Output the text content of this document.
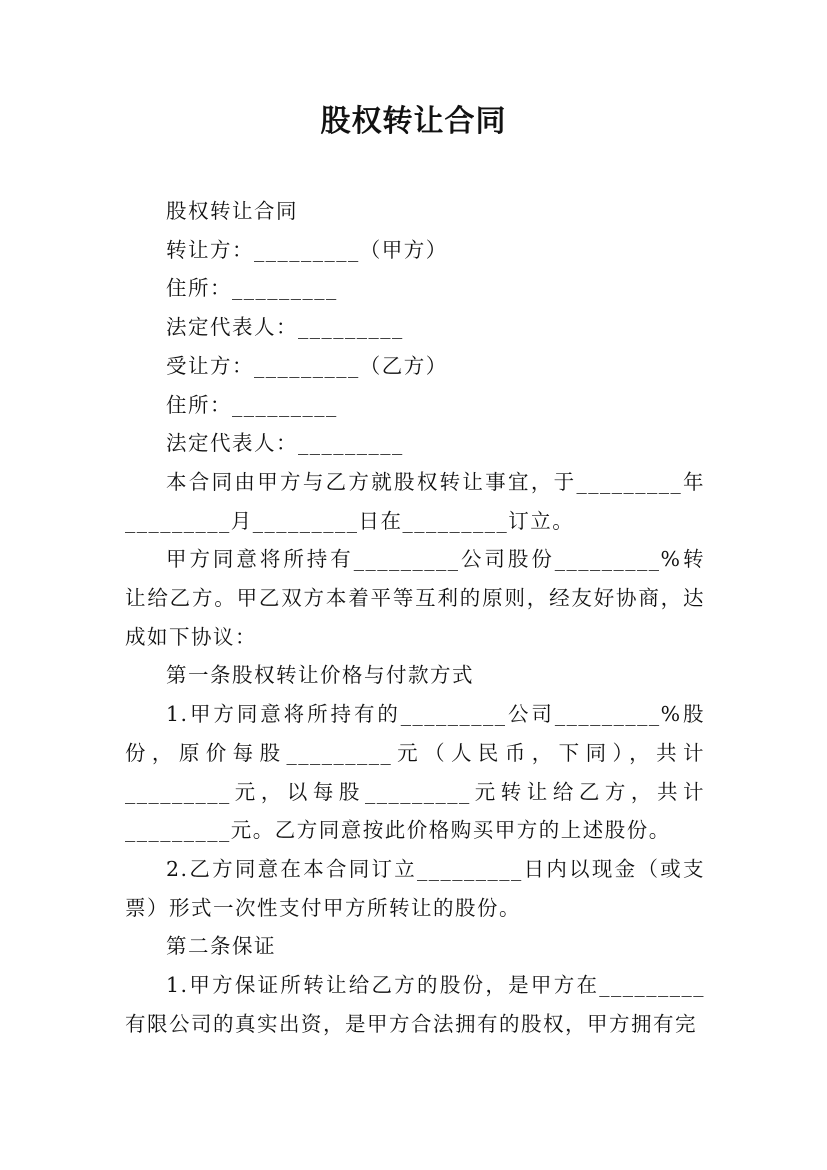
股权转让合同

股权转让合同

转让方：_________（甲方）

住所：_________

法定代表人：_________

受让方：_________（乙方）

住所：_________

法定代表人：_________

本合同由甲方与乙方就股权转让事宜，于_________年_________月_________日在_________订立。

甲方同意将所持有_________公司股份_________%转让给乙方。甲乙双方本着平等互利的原则，经友好协商，达成如下协议：

第一条股权转让价格与付款方式

1.甲方同意将所持有的_________公司_________%股份，原价每股_________元（人民币，下同），共计_________元，以每股_________元转让给乙方，共计_________元。乙方同意按此价格购买甲方的上述股份。

2.乙方同意在本合同订立_________日内以现金（或支票）形式一次性支付甲方所转让的股份。

第二条保证

1.甲方保证所转让给乙方的股份，是甲方在_________有限公司的真实出资，是甲方合法拥有的股权，甲方拥有完
